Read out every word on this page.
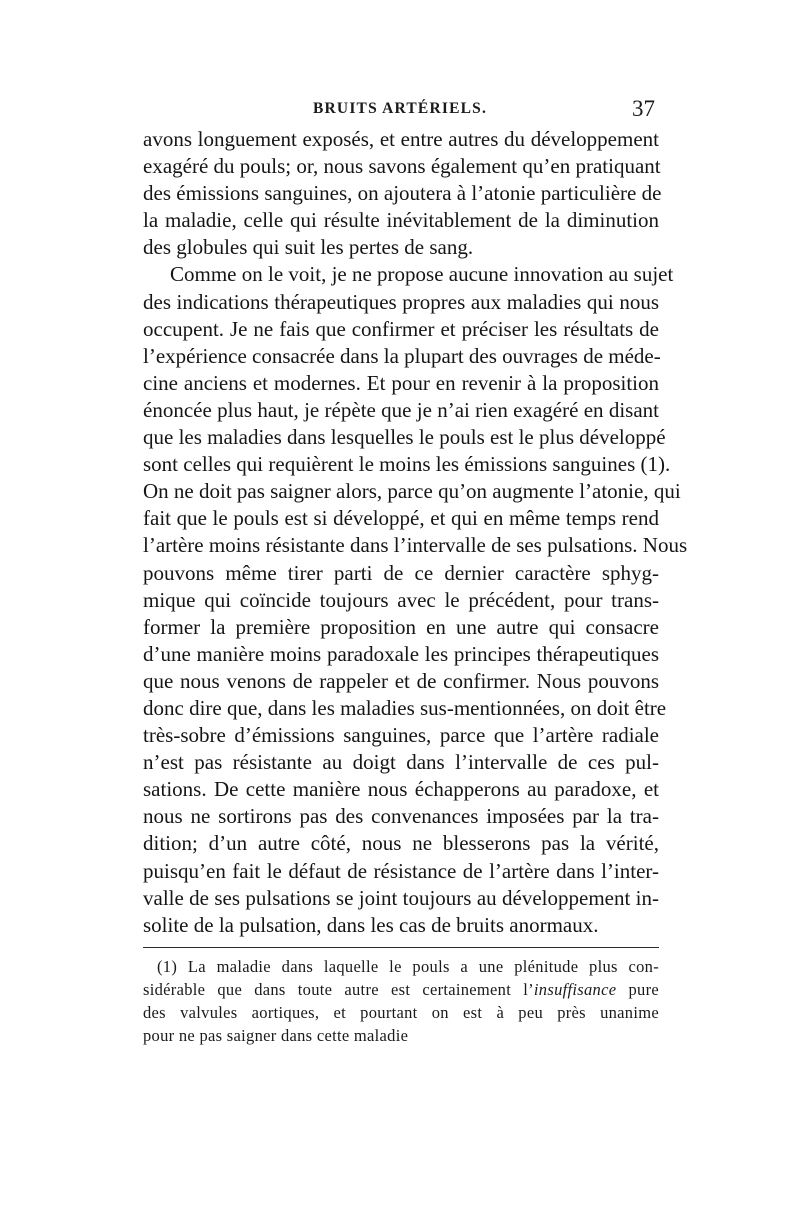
BRUITS ARTÉRIELS.	37
avons longuement exposés, et entre autres du développement
exagéré du pouls; or, nous savons également qu’en pratiquant
des émissions sanguines, on ajoutera à l’atonie particulière de
la maladie, celle qui résulte inévitablement de la diminution
des globules qui suit les pertes de sang.
Comme on le voit, je ne propose aucune innovation au sujet
des indications thérapeutiques propres aux maladies qui nous
occupent. Je ne fais que confirmer et préciser les résultats de
l’expérience consacrée dans la plupart des ouvrages de méde-
cine anciens et modernes. Et pour en revenir à la proposition
énoncée plus haut, je répète que je n’ai rien exagéré en disant
que les maladies dans lesquelles le pouls est le plus développé
sont celles qui requièrent le moins les émissions sanguines (1).
On ne doit pas saigner alors, parce qu’on augmente l’atonie, qui
fait que le pouls est si développé, et qui en même temps rend
l’artère moins résistante dans l’intervalle de ses pulsations. Nous
pouvons même tirer parti de ce dernier caractère sphyg-
mique qui coïncide toujours avec le précédent, pour trans-
former la première proposition en une autre qui consacre
d’une manière moins paradoxale les principes thérapeutiques
que nous venons de rappeler et de confirmer. Nous pouvons
donc dire que, dans les maladies sus-mentionnées, on doit être
très-sobre d’émissions sanguines, parce que l’artère radiale
n’est pas résistante au doigt dans l’intervalle de ces pul-
sations. De cette manière nous échapperons au paradoxe, et
nous ne sortirons pas des convenances imposées par la tra-
dition; d’un autre côté, nous ne blesserons pas la vérité,
puisqu’en fait le défaut de résistance de l’artère dans l’inter-
valle de ses pulsations se joint toujours au développement in-
solite de la pulsation, dans les cas de bruits anormaux.
(1) La maladie dans laquelle le pouls a une plénitude plus con-
sidérable que dans toute autre est certainement l’insuffisance pure
des valvules aortiques, et pourtant on est à peu près unanime
pour ne pas saigner dans cette maladie
